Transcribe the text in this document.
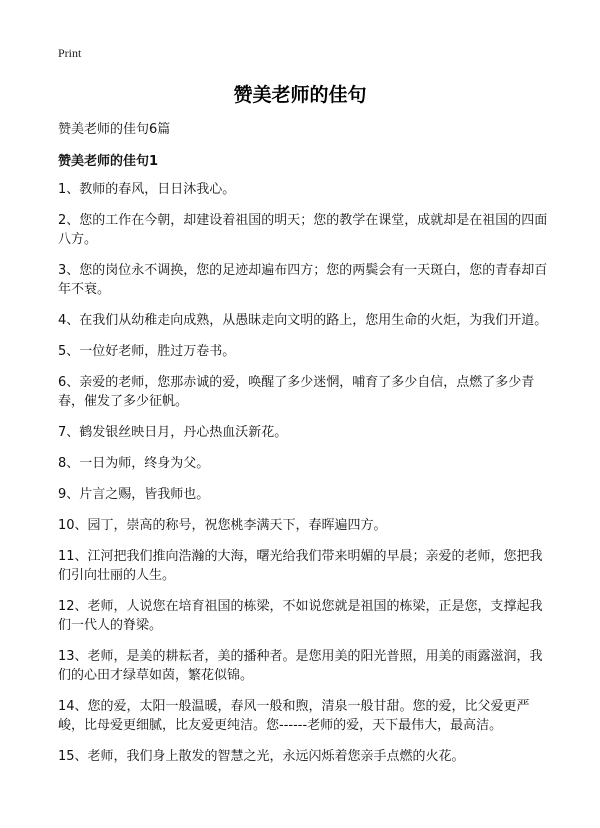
Print
赞美老师的佳句
赞美老师的佳句6篇
赞美老师的佳句1
1、教师的春风，日日沐我心。
2、您的工作在今朝，却建设着祖国的明天；您的教学在课堂，成就却是在祖国的四面八方。
3、您的岗位永不调换，您的足迹却遍布四方；您的两鬓会有一天斑白，您的青春却百年不衰。
4、在我们从幼稚走向成熟，从愚昧走向文明的路上，您用生命的火炬，为我们开道。
5、一位好老师，胜过万卷书。
6、亲爱的老师，您那赤诚的爱，唤醒了多少迷惘，哺育了多少自信，点燃了多少青春，催发了多少征帆。
7、鹤发银丝映日月，丹心热血沃新花。
8、一日为师，终身为父。
9、片言之赐，皆我师也。
10、园丁，崇高的称号，祝您桃李满天下，春晖遍四方。
11、江河把我们推向浩瀚的大海，曙光给我们带来明媚的早晨；亲爱的老师，您把我们引向壮丽的人生。
12、老师，人说您在培育祖国的栋梁，不如说您就是祖国的栋梁，正是您，支撑起我们一代人的脊梁。
13、老师，是美的耕耘者，美的播种者。是您用美的阳光普照，用美的雨露滋润，我们的心田才绿草如茵，繁花似锦。
14、您的爱，太阳一般温暖，春风一般和煦，清泉一般甘甜。您的爱，比父爱更严峻，比母爱更细腻，比友爱更纯洁。您------老师的爱，天下最伟大，最高洁。
15、老师，我们身上散发的智慧之光，永远闪烁着您亲手点燃的火花。
